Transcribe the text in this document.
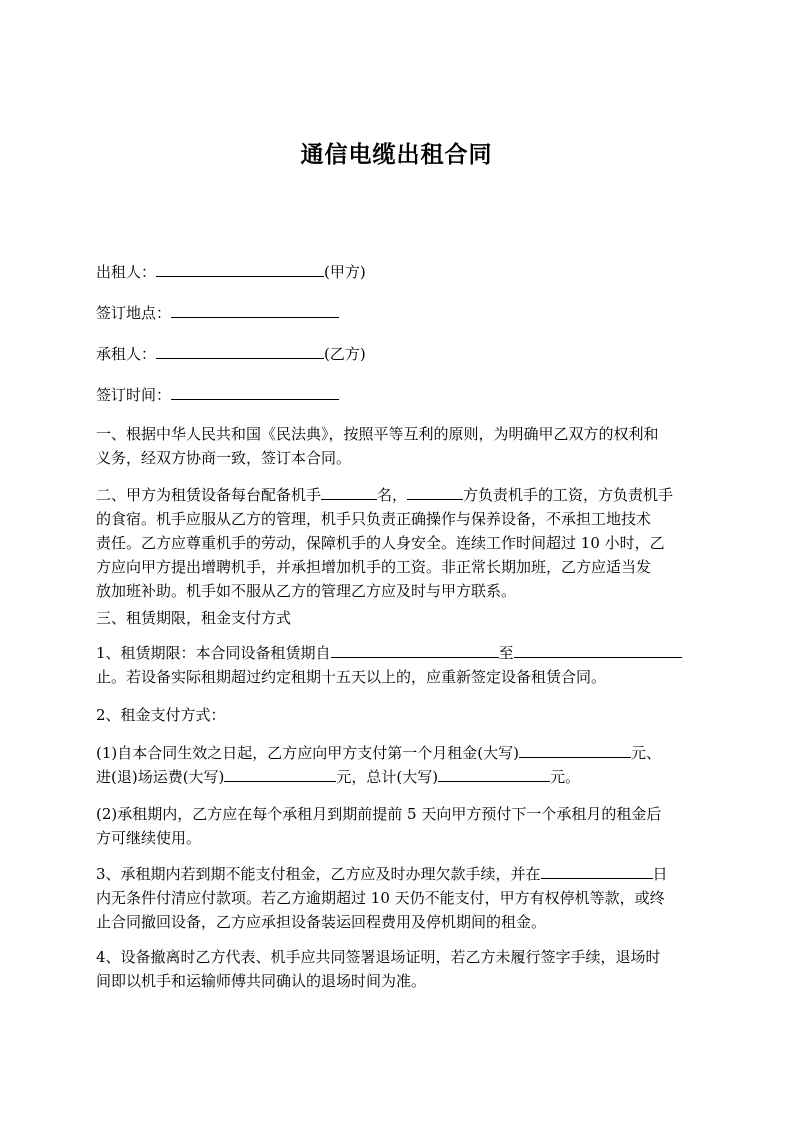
通信电缆出租合同
出租人：	(甲方)
签订地点：
承租人：	(乙方)
签订时间：
一、根据中华人民共和国《民法典》，按照平等互利的原则，为明确甲乙双方的权利和
义务，经双方协商一致，签订本合同。
二、甲方为租赁设备每台配备机手	名，	方负责机手的工资，方负责机手
的食宿。机手应服从乙方的管理，机手只负责正确操作与保养设备，不承担工地技术
责任。乙方应尊重机手的劳动，保障机手的人身安全。连续工作时间超过 10 小时，乙
方应向甲方提出增聘机手，并承担增加机手的工资。非正常长期加班，乙方应适当发
放加班补助。机手如不服从乙方的管理乙方应及时与甲方联系。
三、租赁期限，租金支付方式
1、租赁期限：本合同设备租赁期自	至
止。若设备实际租期超过约定租期十五天以上的，应重新签定设备租赁合同。
2、租金支付方式：
(1)自本合同生效之日起，乙方应向甲方支付第一个月租金(大写)	元、
进(退)场运费(大写)	元，总计(大写)	元。
(2)承租期内，乙方应在每个承租月到期前提前 5 天向甲方预付下一个承租月的租金后
方可继续使用。
3、承租期内若到期不能支付租金，乙方应及时办理欠款手续，并在	日
内无条件付清应付款项。若乙方逾期超过 10 天仍不能支付，甲方有权停机等款，或终
止合同撤回设备，乙方应承担设备装运回程费用及停机期间的租金。
4、设备撤离时乙方代表、机手应共同签署退场证明，若乙方未履行签字手续，退场时
间即以机手和运输师傅共同确认的退场时间为准。
